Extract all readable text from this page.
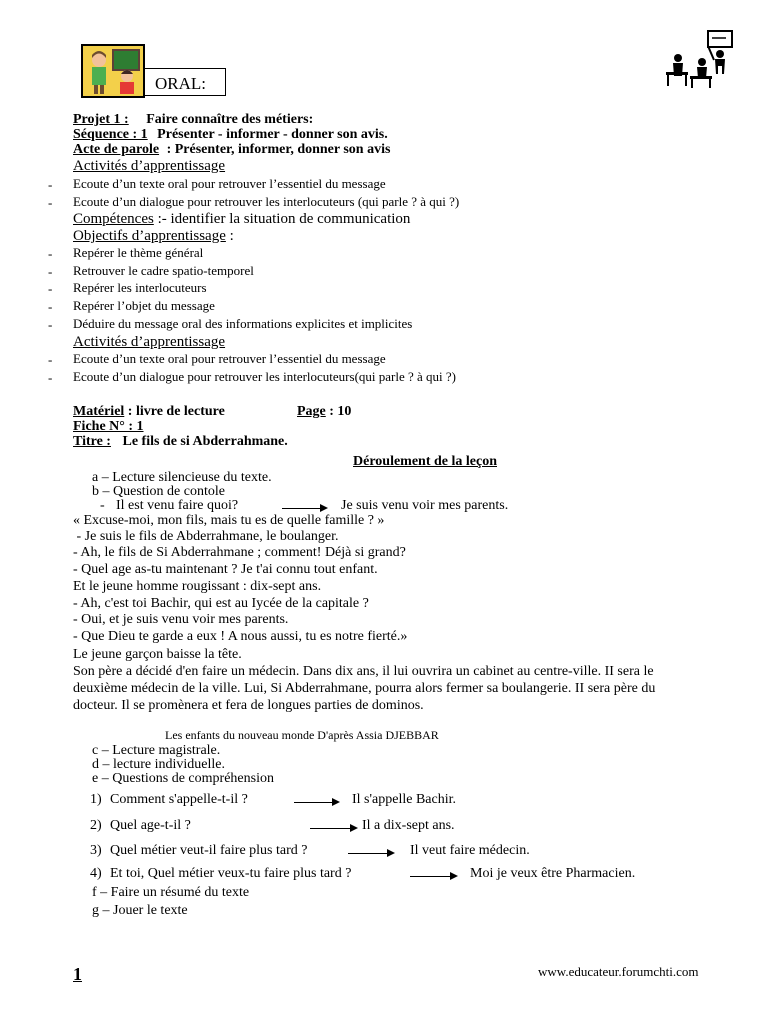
ORAL:
Projet 1 : Faire connaître des métiers:
Séquence : 1 Présenter - informer - donner son avis.
Acte de parole : Présenter, informer, donner son avis
Activités d’apprentissage
- Ecoute d’un texte oral pour retrouver l’essentiel du message
- Ecoute d’un dialogue pour retrouver les interlocuteurs (qui parle ? à qui ?)
Compétences :- identifier la situation de communication
Objectifs d’apprentissage :
- Repérer le thème général
- Retrouver le cadre spatio-temporel
- Repérer les interlocuteurs
- Repérer l’objet du message
- Déduire du message oral des informations explicites et implicites
Activités d’apprentissage
- Ecoute d’un texte oral pour retrouver l’essentiel du message
- Ecoute d’un dialogue pour retrouver les interlocuteurs(qui parle ? à qui ?)
Matériel : livre de lecture	Page : 10
Fiche N° : 1
Titre : Le fils de si Abderrahmane.
Déroulement de la leçon
a – Lecture silencieuse du texte.
b – Question de contole
- Il est venu faire quoi?	Je suis venu voir mes parents.
« Excuse-moi, mon fils, mais tu es de quelle famille ? »
- Je suis le fils de Abderrahmane, le boulanger.
- Ah, le fils de Si Abderrahmane ; comment! Déjà si grand?
- Quel age as-tu maintenant ? Je t'ai connu tout enfant.
Et le jeune homme rougissant : dix-sept ans.
- Ah, c'est toi Bachir, qui est au Iycée de la capitale ?
- Oui, et je suis venu voir mes parents.
- Que Dieu te garde a eux ! A nous aussi, tu es notre fierté.»
Le jeune garçon baisse la tête.
Son père a décidé d'en faire un médecin. Dans dix ans, il lui ouvrira un cabinet au centre-ville. II sera le
deuxième médecin de la ville. Lui, Si Abderrahmane, pourra alors fermer sa boulangerie. II sera père du
docteur. Il se promènera et fera de longues parties de dominos.
Les enfants du nouveau monde D'après Assia DJEBBAR
c – Lecture magistrale.
d – lecture individuelle.
e – Questions de compréhension
1) Comment s'appelle-t-il ?	Il s'appelle Bachir.
2) Quel age-t-il ?	Il a dix-sept ans.
3) Quel métier veut-il faire plus tard ?	Il veut faire médecin.
4) Et toi, Quel métier veux-tu faire plus tard ?	Moi je veux être Pharmacien.
f – Faire un résumé du texte
g – Jouer le texte
1	www.educateur.forumchti.com
